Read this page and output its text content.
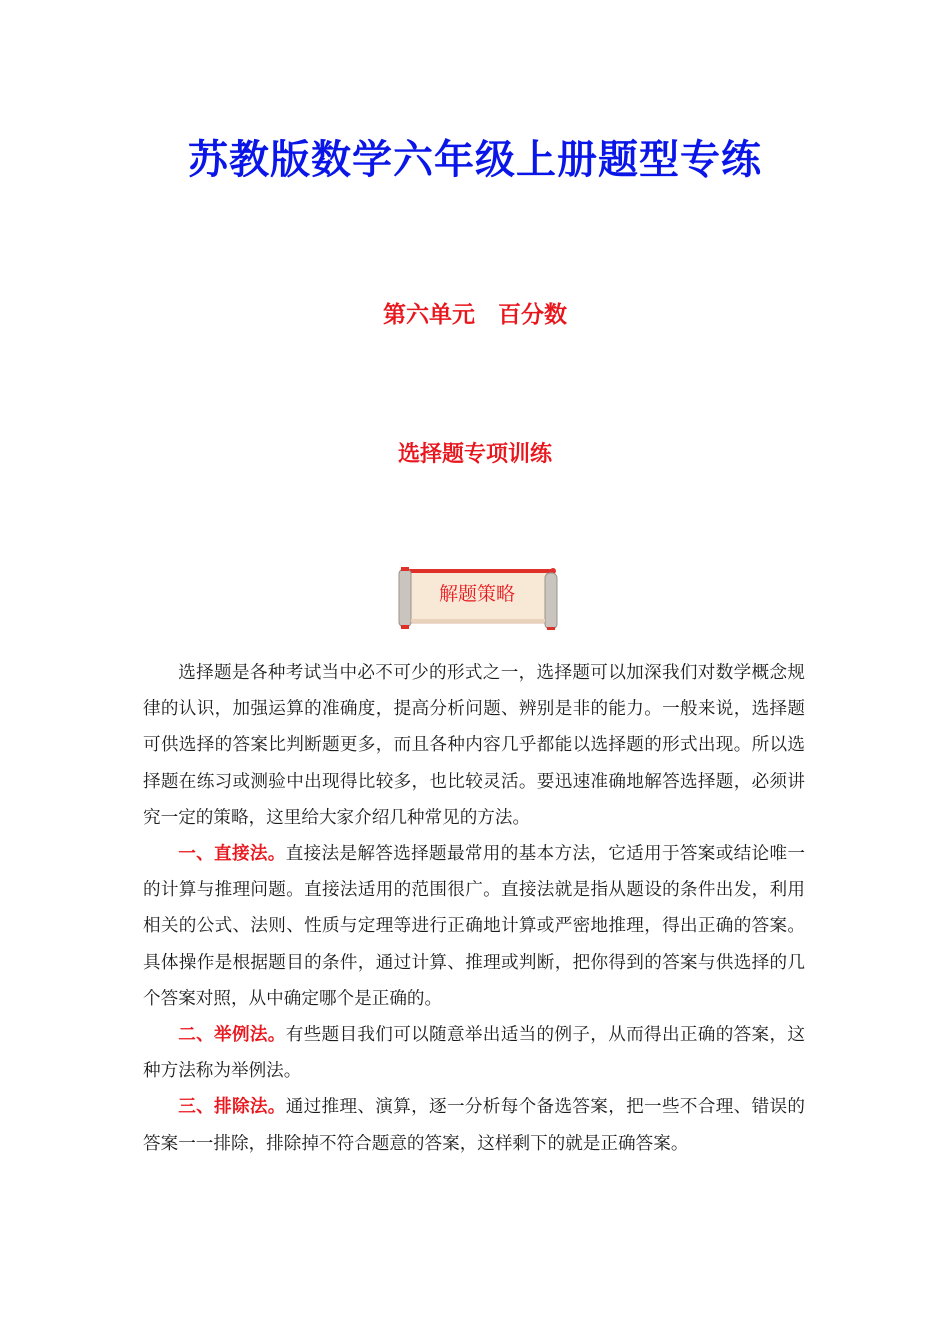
苏教版数学六年级上册题型专练
第六单元　百分数
选择题专项训练
解题策略

选择题是各种考试当中必不可少的形式之一，选择题可以加深我们对数学概念规律的认识，加强运算的准确度，提高分析问题、辨别是非的能力。一般来说，选择题可供选择的答案比判断题更多，而且各种内容几乎都能以选择题的形式出现。所以选择题在练习或测验中出现得比较多，也比较灵活。要迅速准确地解答选择题，必须讲究一定的策略，这里给大家介绍几种常见的方法。

一、直接法。直接法是解答选择题最常用的基本方法，它适用于答案或结论唯一的计算与推理问题。直接法适用的范围很广。直接法就是指从题设的条件出发，利用相关的公式、法则、性质与定理等进行正确地计算或严密地推理，得出正确的答案。具体操作是根据题目的条件，通过计算、推理或判断，把你得到的答案与供选择的几个答案对照，从中确定哪个是正确的。

二、举例法。有些题目我们可以随意举出适当的例子，从而得出正确的答案，这种方法称为举例法。

三、排除法。通过推理、演算，逐一分析每个备选答案，把一些不合理、错误的答案一一排除，排除掉不符合题意的答案，这样剩下的就是正确答案。
